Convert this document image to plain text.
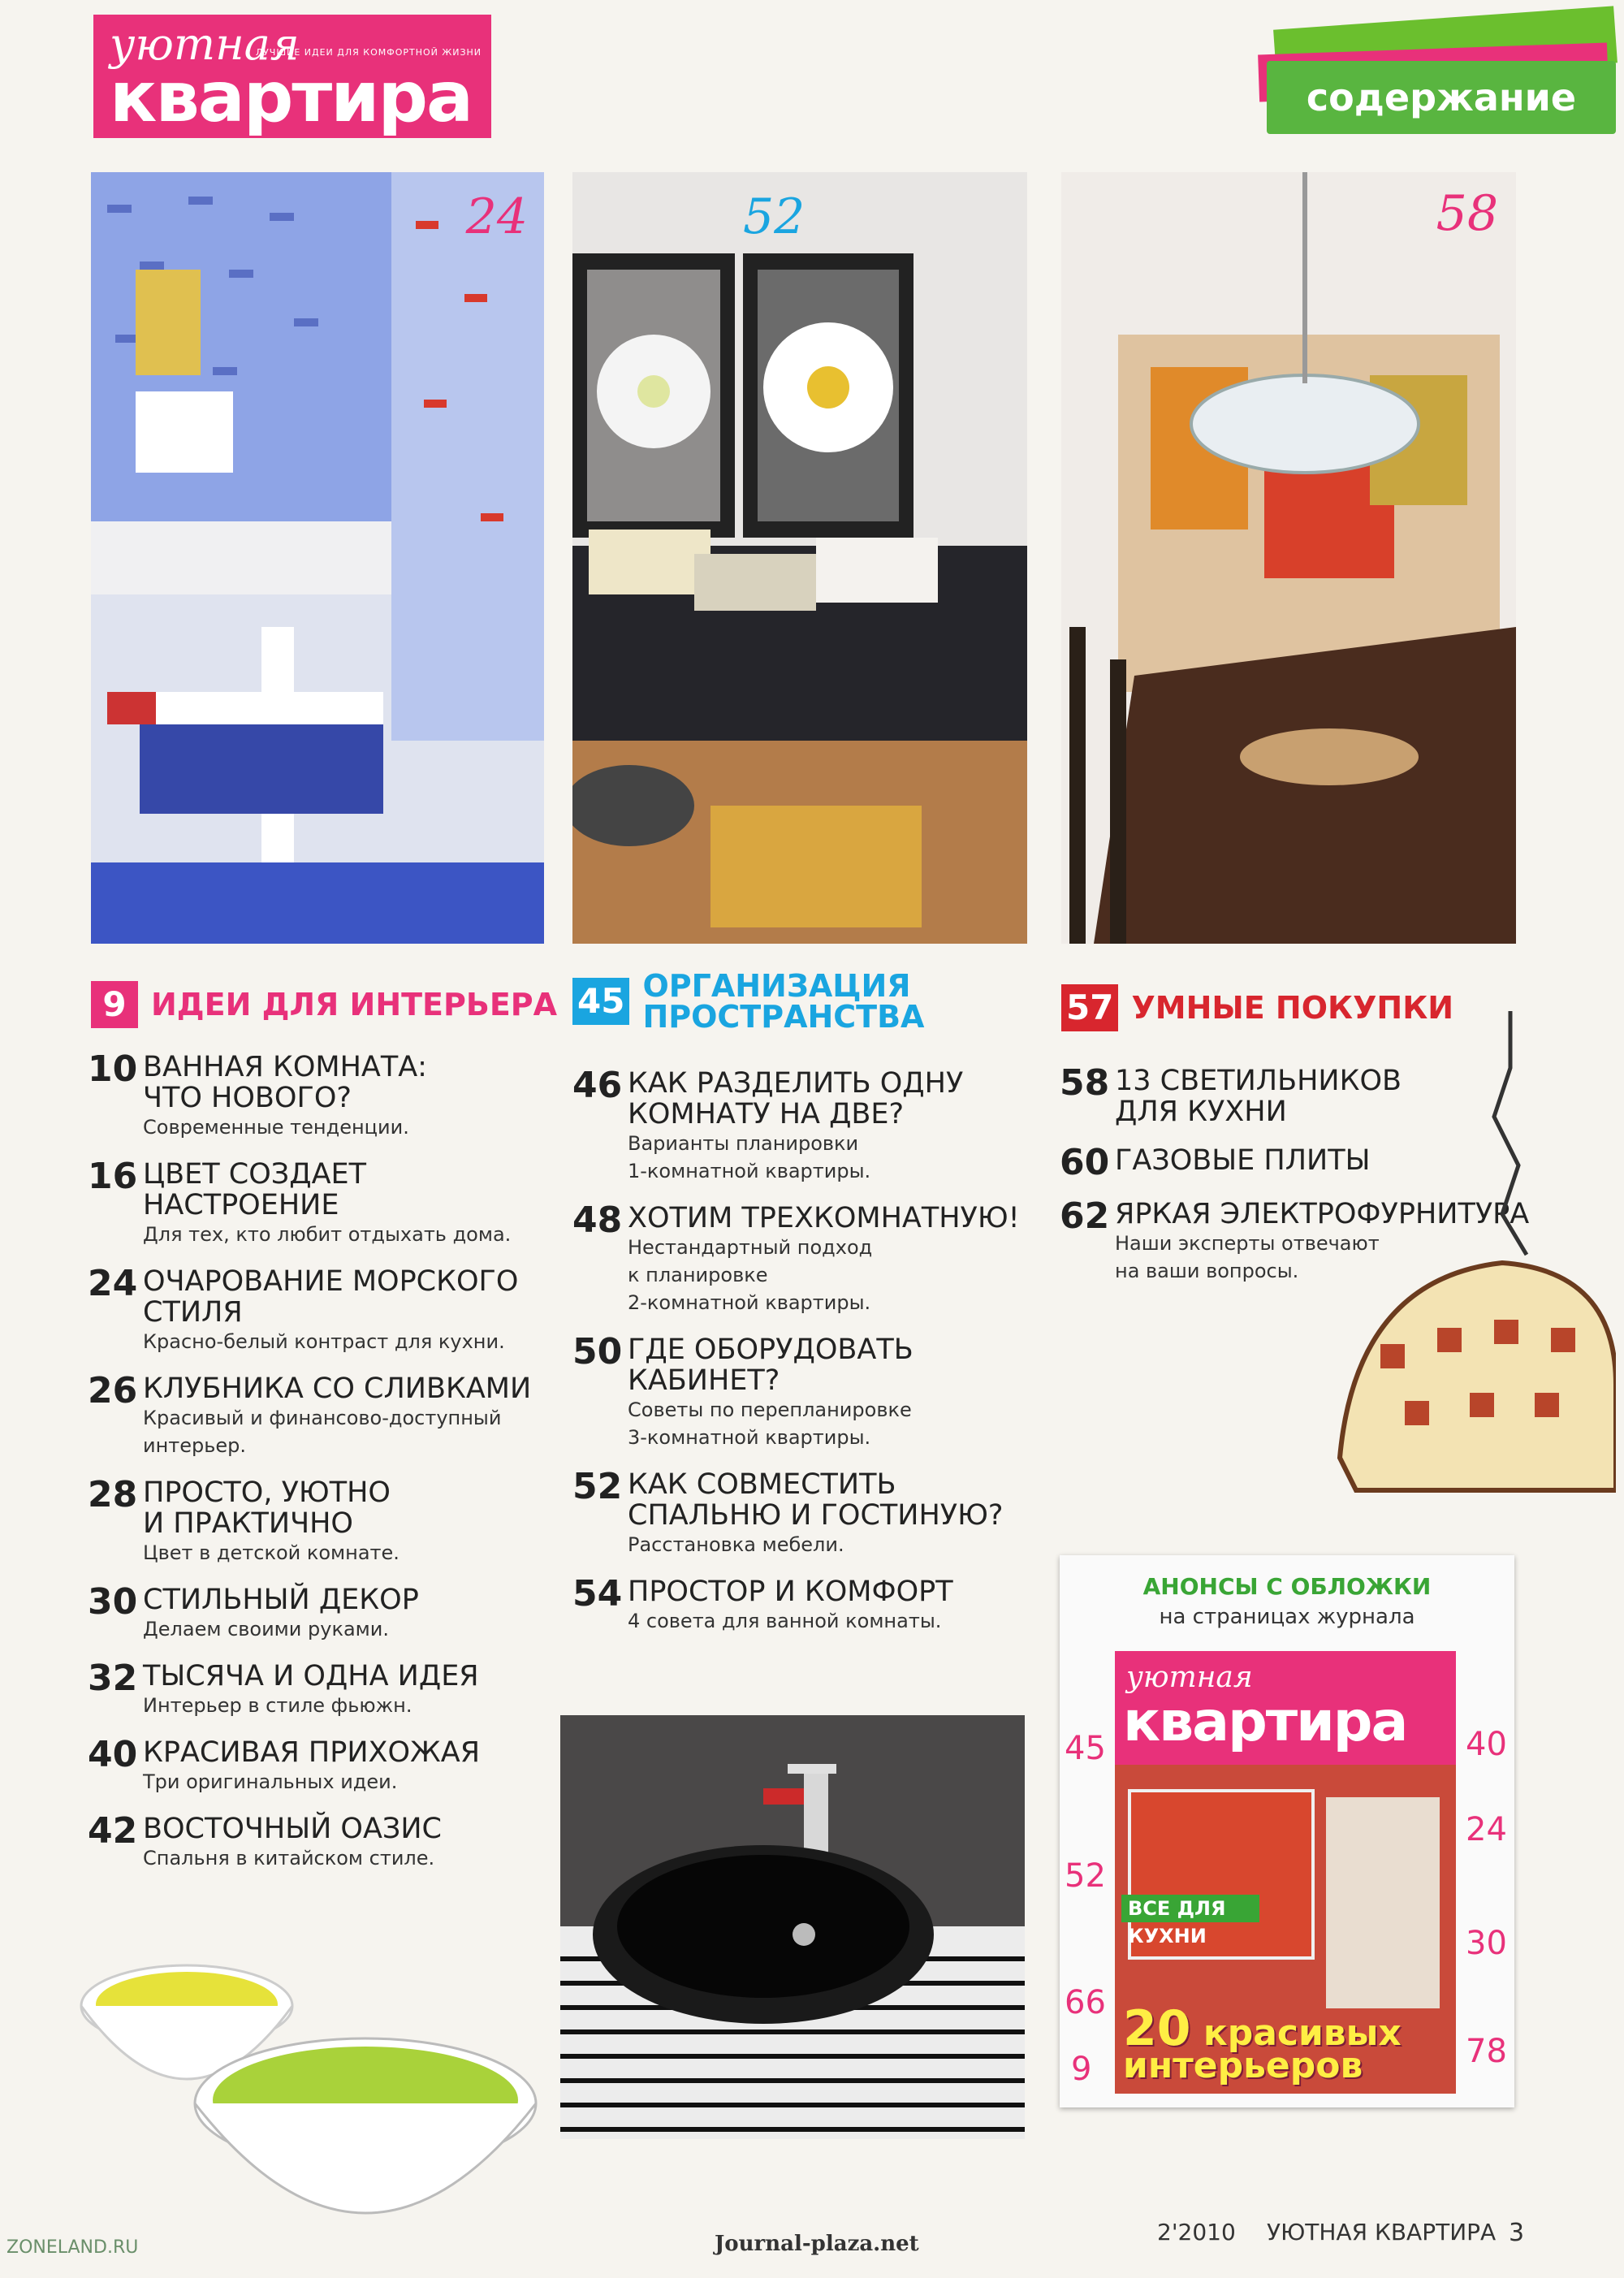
уютная
квартира
ЛУЧШИЕ ИДЕИ ДЛЯ КОМФОРТНОЙ ЖИЗНИ
содержание
24	52	58
9 ИДЕИ ДЛЯ ИНТЕРЬЕРА
10 ВАННАЯ КОМНАТА:
ЧТО НОВОГО?
Современные тенденции.
16 ЦВЕТ СОЗДАЕТ
НАСТРОЕНИЕ
Для тех, кто любит отдыхать дома.
24 ОЧАРОВАНИЕ МОРСКОГО
СТИЛЯ
Красно-белый контраст для кухни.
26 КЛУБНИКА СО СЛИВКАМИ
Красивый и финансово-доступный
интерьер.
28 ПРОСТО, УЮТНО
И ПРАКТИЧНО
Цвет в детской комнате.
30 СТИЛЬНЫЙ ДЕКОР
Делаем своими руками.
32 ТЫСЯЧА И ОДНА ИДЕЯ
Интерьер в стиле фьюжн.
40 КРАСИВАЯ ПРИХОЖАЯ
Три оригинальных идеи.
42 ВОСТОЧНЫЙ ОАЗИС
Спальня в китайском стиле.
45 ОРГАНИЗАЦИЯ
ПРОСТРАНСТВА
46 КАК РАЗДЕЛИТЬ ОДНУ
КОМНАТУ НА ДВЕ?
Варианты планировки
1-комнатной квартиры.
48 ХОТИМ ТРЕХКОМНАТНУЮ!
Нестандартный подход
к планировке
2-комнатной квартиры.
50 ГДЕ ОБОРУДОВАТЬ
КАБИНЕТ?
Советы по перепланировке
3-комнатной квартиры.
52 КАК СОВМЕСТИТЬ
СПАЛЬНЮ И ГОСТИНУЮ?
Расстановка мебели.
54 ПРОСТОР И КОМФОРТ
4 совета для ванной комнаты.
57 УМНЫЕ ПОКУПКИ
58 13 СВЕТИЛЬНИКОВ
ДЛЯ КУХНИ
60 ГАЗОВЫЕ ПЛИТЫ
62 ЯРКАЯ ЭЛЕКТРОФУРНИТУРА
Наши эксперты отвечают
на ваши вопросы.
АНОНСЫ С ОБЛОЖКИ
на страницах журнала
уютная
квартира
ВСЕ ДЛЯ КУХНИ
20 красивых
интерьеров
45
52
66
9
40
24
30
78
ZONELAND.RU	Journal-plaza.net	2'2010 УЮТНАЯ КВАРТИРА 3
